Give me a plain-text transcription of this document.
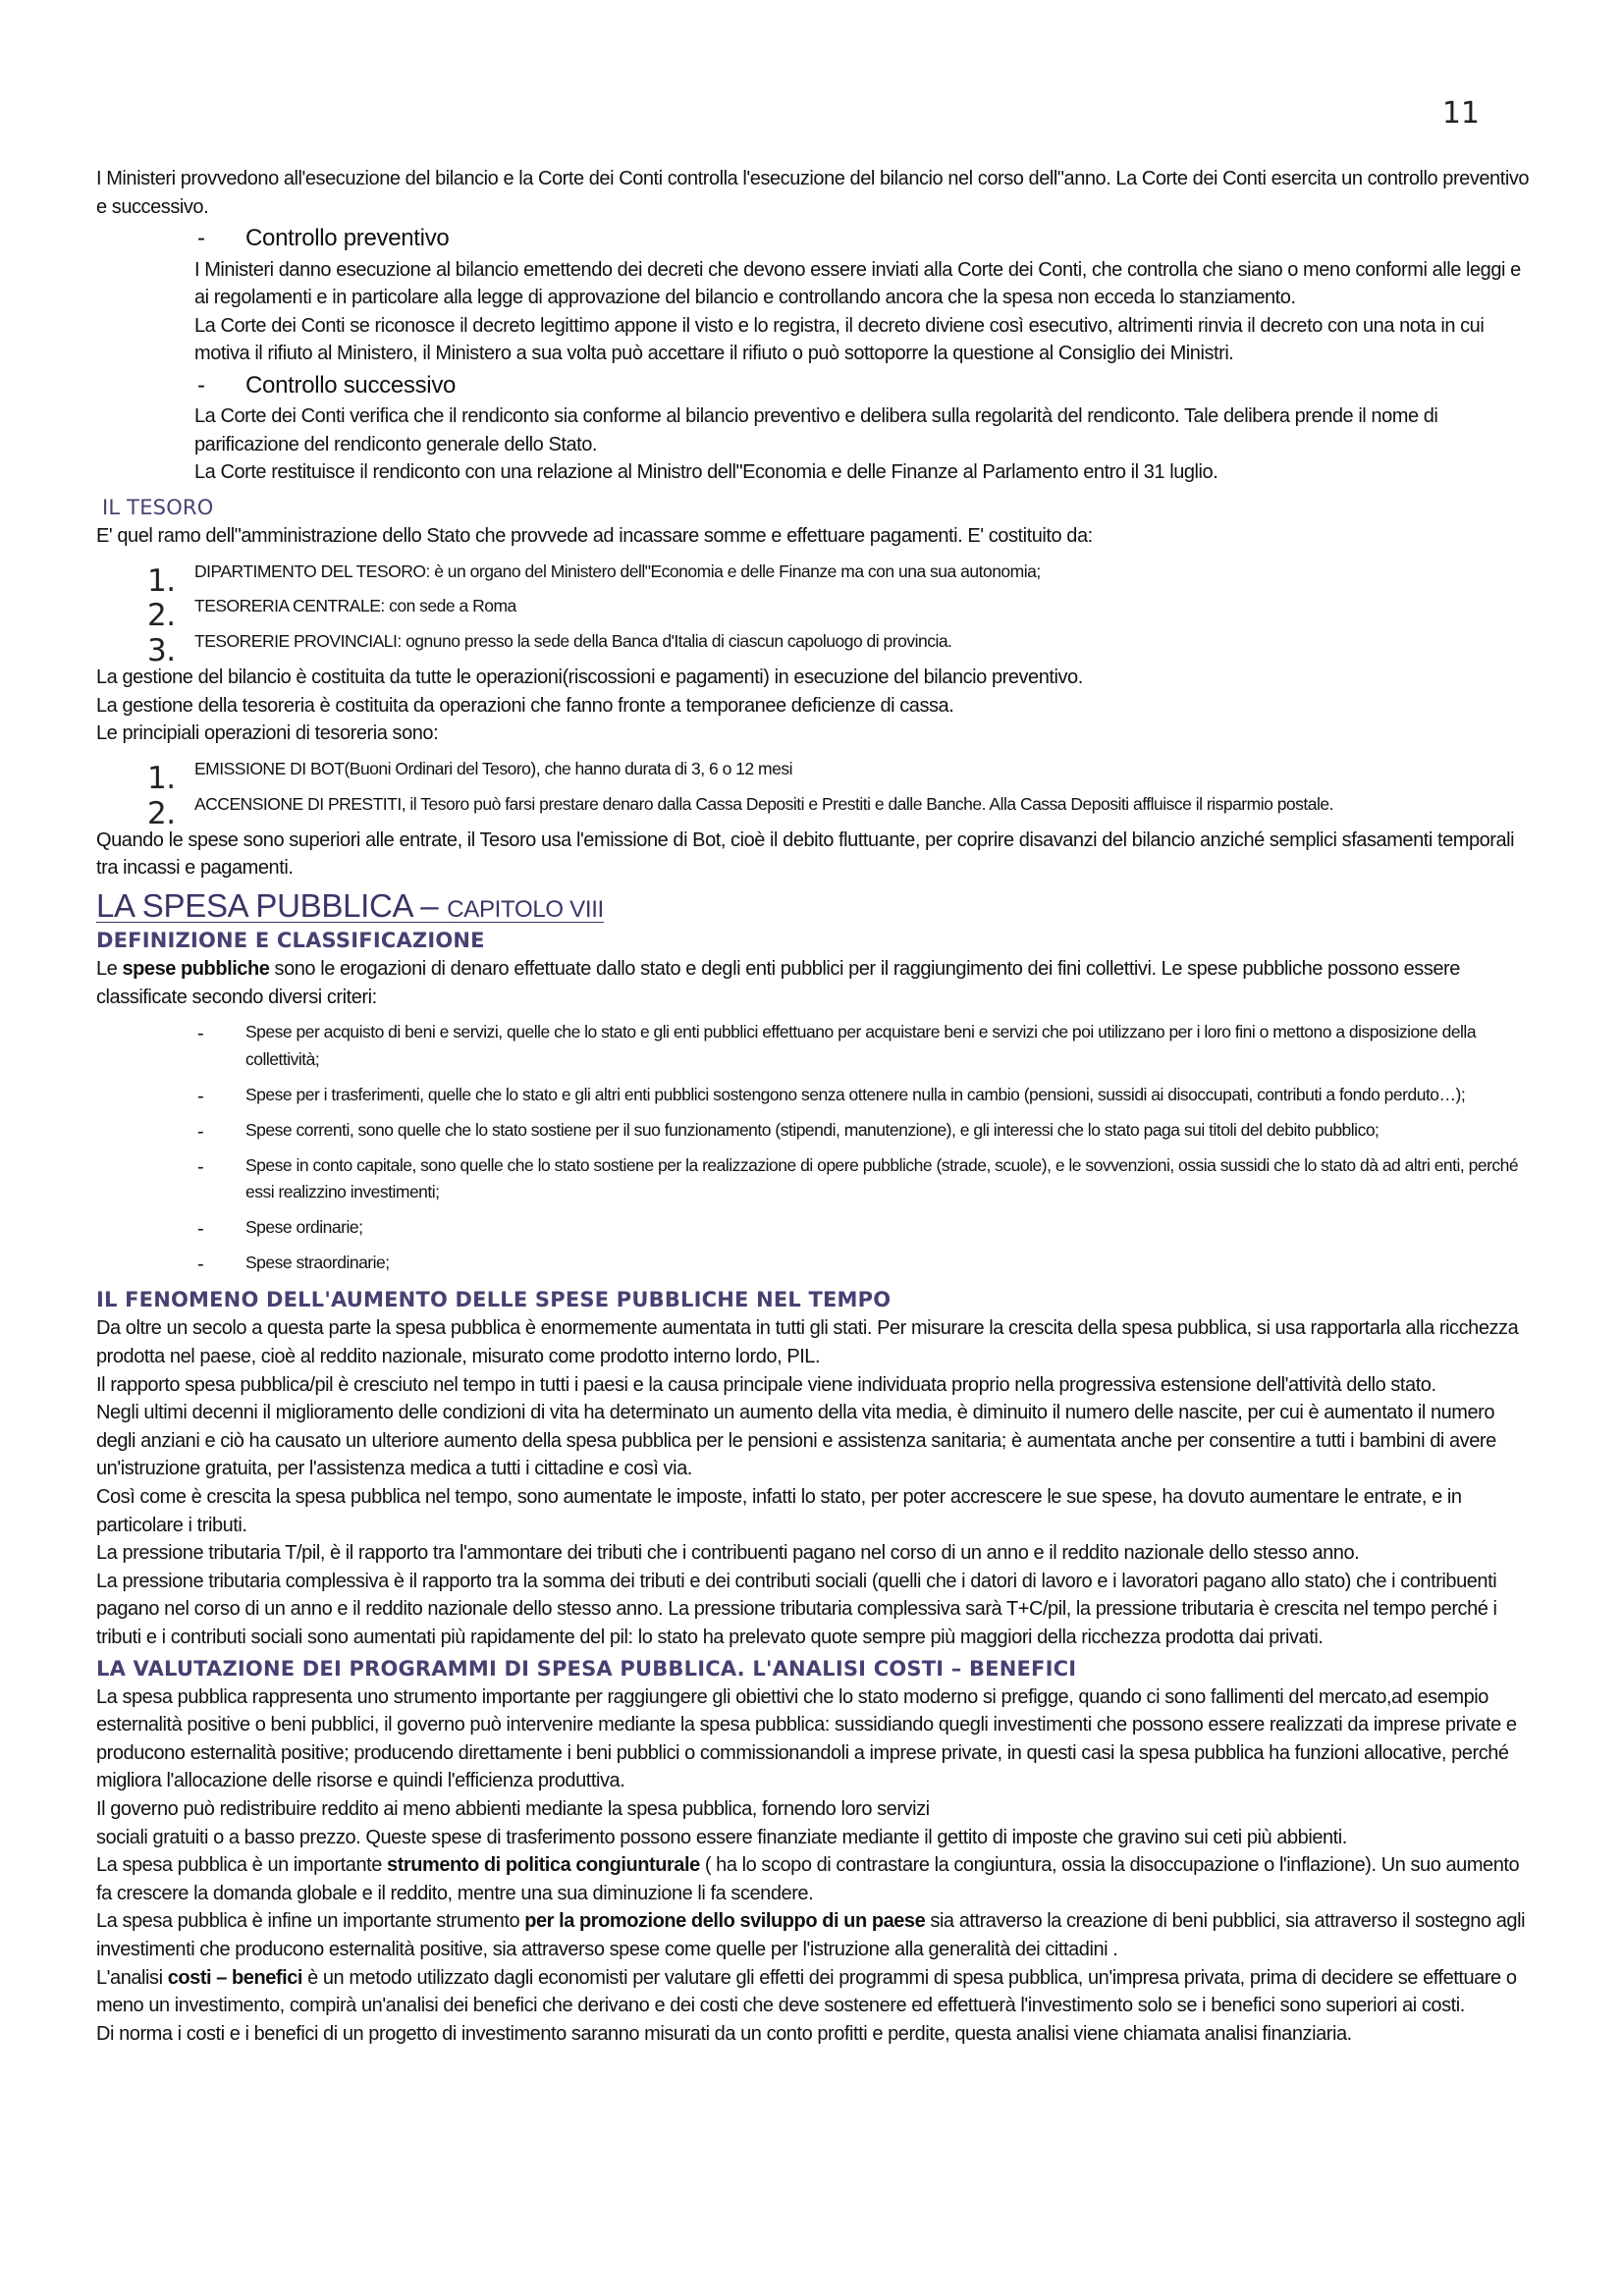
11

I Ministeri provvedono all'esecuzione del bilancio e la Corte dei Conti controlla l'esecuzione del bilancio nel corso dell"anno. La Corte dei Conti esercita un controllo preventivo e successivo.

- Controllo preventivo

I Ministeri danno esecuzione al bilancio emettendo dei decreti che devono essere inviati alla Corte dei Conti, che controlla che siano o meno conformi alle leggi e ai regolamenti e in particolare alla legge di approvazione del bilancio e controllando ancora che la spesa non ecceda lo stanziamento.

La Corte dei Conti se riconosce il decreto legittimo appone il visto e lo registra, il decreto diviene così esecutivo, altrimenti rinvia il decreto con una nota in cui motiva il rifiuto al Ministero, il Ministero a sua volta può accettare il rifiuto o può sottoporre la questione al Consiglio dei Ministri.

- Controllo successivo

La Corte dei Conti verifica che il rendiconto sia conforme al bilancio preventivo e delibera sulla regolarità del rendiconto. Tale delibera prende il nome di parificazione del rendiconto generale dello Stato.

La Corte restituisce il rendiconto con una relazione al Ministro dell"Economia e delle Finanze al Parlamento entro il 31 luglio.

IL TESORO

E' quel ramo dell"amministrazione dello Stato che provvede ad incassare somme e effettuare pagamenti. E' costituito da:

1. DIPARTIMENTO DEL TESORO: è un organo del Ministero dell"Economia e delle Finanze ma con una sua autonomia;
2. TESORERIA CENTRALE: con sede a Roma
3. TESORERIE PROVINCIALI: ognuno presso la sede della Banca d'Italia di ciascun capoluogo di provincia.

La gestione del bilancio è costituita da tutte le operazioni(riscossioni e pagamenti) in esecuzione del bilancio preventivo.

La gestione della tesoreria è costituita da operazioni che fanno fronte a temporanee deficienze di cassa.

Le principiali operazioni di tesoreria sono:

1. EMISSIONE DI BOT(Buoni Ordinari del Tesoro), che hanno durata di 3, 6 o 12 mesi
2. ACCENSIONE DI PRESTITI, il Tesoro può farsi prestare denaro dalla Cassa Depositi e Prestiti e dalle Banche. Alla Cassa Depositi affluisce il risparmio postale.

Quando le spese sono superiori alle entrate, il Tesoro usa l'emissione di Bot, cioè il debito fluttuante, per coprire disavanzi del bilancio anziché semplici sfasamenti temporali tra incassi e pagamenti.

LA SPESA PUBBLICA – CAPITOLO VIII

DEFINIZIONE E CLASSIFICAZIONE

Le spese pubbliche sono le erogazioni di denaro effettuate dallo stato e degli enti pubblici per il raggiungimento dei fini collettivi. Le spese pubbliche possono essere classificate secondo diversi criteri:

- Spese per acquisto di beni e servizi, quelle che lo stato e gli enti pubblici effettuano per acquistare beni e servizi che poi utilizzano per i loro fini o mettono a disposizione della collettività;
- Spese per i trasferimenti, quelle che lo stato e gli altri enti pubblici sostengono senza ottenere nulla in cambio (pensioni, sussidi ai disoccupati, contributi a fondo perduto…);
- Spese correnti, sono quelle che lo stato sostiene per il suo funzionamento (stipendi, manutenzione), e gli interessi che lo stato paga sui titoli del debito pubblico;
- Spese in conto capitale, sono quelle che lo stato sostiene per la realizzazione di opere pubbliche (strade, scuole), e le sovvenzioni, ossia sussidi che lo stato dà ad altri enti, perché essi realizzino investimenti;
- Spese ordinarie;
- Spese straordinarie;

IL FENOMENO DELL'AUMENTO DELLE SPESE PUBBLICHE NEL TEMPO

Da oltre un secolo a questa parte la spesa pubblica è enormemente aumentata in tutti gli stati. Per misurare la crescita della spesa pubblica, si usa rapportarla alla ricchezza prodotta nel paese, cioè al reddito nazionale, misurato come prodotto interno lordo, PIL.

Il rapporto spesa pubblica/pil è cresciuto nel tempo in tutti i paesi e la causa principale viene individuata proprio nella progressiva estensione dell'attività dello stato.

Negli ultimi decenni il miglioramento delle condizioni di vita ha determinato un aumento della vita media, è diminuito il numero delle nascite, per cui è aumentato il numero degli anziani e ciò ha causato un ulteriore aumento della spesa pubblica per le pensioni e assistenza sanitaria; è aumentata anche per consentire a tutti i bambini di avere un'istruzione gratuita, per l'assistenza medica a tutti i cittadine e così via.

Così come è crescita la spesa pubblica nel tempo, sono aumentate le imposte, infatti lo stato, per poter accrescere le sue spese, ha dovuto aumentare le entrate, e in particolare i tributi.

La pressione tributaria T/pil, è il rapporto tra l'ammontare dei tributi che i contribuenti pagano nel corso di un anno e il reddito nazionale dello stesso anno.

La pressione tributaria complessiva è il rapporto tra la somma dei tributi e dei contributi sociali (quelli che i datori di lavoro e i lavoratori pagano allo stato) che i contribuenti pagano nel corso di un anno e il reddito nazionale dello stesso anno. La pressione tributaria complessiva sarà T+C/pil, la pressione tributaria è crescita nel tempo perché i tributi e i contributi sociali sono aumentati più rapidamente del pil: lo stato ha prelevato quote sempre più maggiori della ricchezza prodotta dai privati.

LA VALUTAZIONE DEI PROGRAMMI DI SPESA PUBBLICA. L'ANALISI COSTI – BENEFICI

La spesa pubblica rappresenta uno strumento importante per raggiungere gli obiettivi che lo stato moderno si prefigge, quando ci sono fallimenti del mercato,ad esempio esternalità positive o beni pubblici, il governo può intervenire mediante la spesa pubblica: sussidiando quegli investimenti che possono essere realizzati da imprese private e producono esternalità positive; producendo direttamente i beni pubblici o commissionandoli a imprese private, in questi casi la spesa pubblica ha funzioni allocative, perché migliora l'allocazione delle risorse e quindi l'efficienza produttiva.

Il governo può redistribuire reddito ai meno abbienti mediante la spesa pubblica, fornendo loro servizi

sociali gratuiti o a basso prezzo. Queste spese di trasferimento possono essere finanziate mediante il gettito di imposte che gravino sui ceti più abbienti.

La spesa pubblica è un importante strumento di politica congiunturale ( ha lo scopo di contrastare la congiuntura, ossia la disoccupazione o l'inflazione). Un suo aumento fa crescere la domanda globale e il reddito, mentre una sua diminuzione li fa scendere.

La spesa pubblica è infine un importante strumento per la promozione dello sviluppo di un paese sia attraverso la creazione di beni pubblici, sia attraverso il sostegno agli investimenti che producono esternalità positive, sia attraverso spese come quelle per l'istruzione alla generalità dei cittadini .

L'analisi costi – benefici è un metodo utilizzato dagli economisti per valutare gli effetti dei programmi di spesa pubblica, un'impresa privata, prima di decidere se effettuare o meno un investimento, compirà un'analisi dei benefici che derivano e dei costi che deve sostenere ed effettuerà l'investimento solo se i benefici sono superiori ai costi.

Di norma i costi e i benefici di un progetto di investimento saranno misurati da un conto profitti e perdite, questa analisi viene chiamata analisi finanziaria.
